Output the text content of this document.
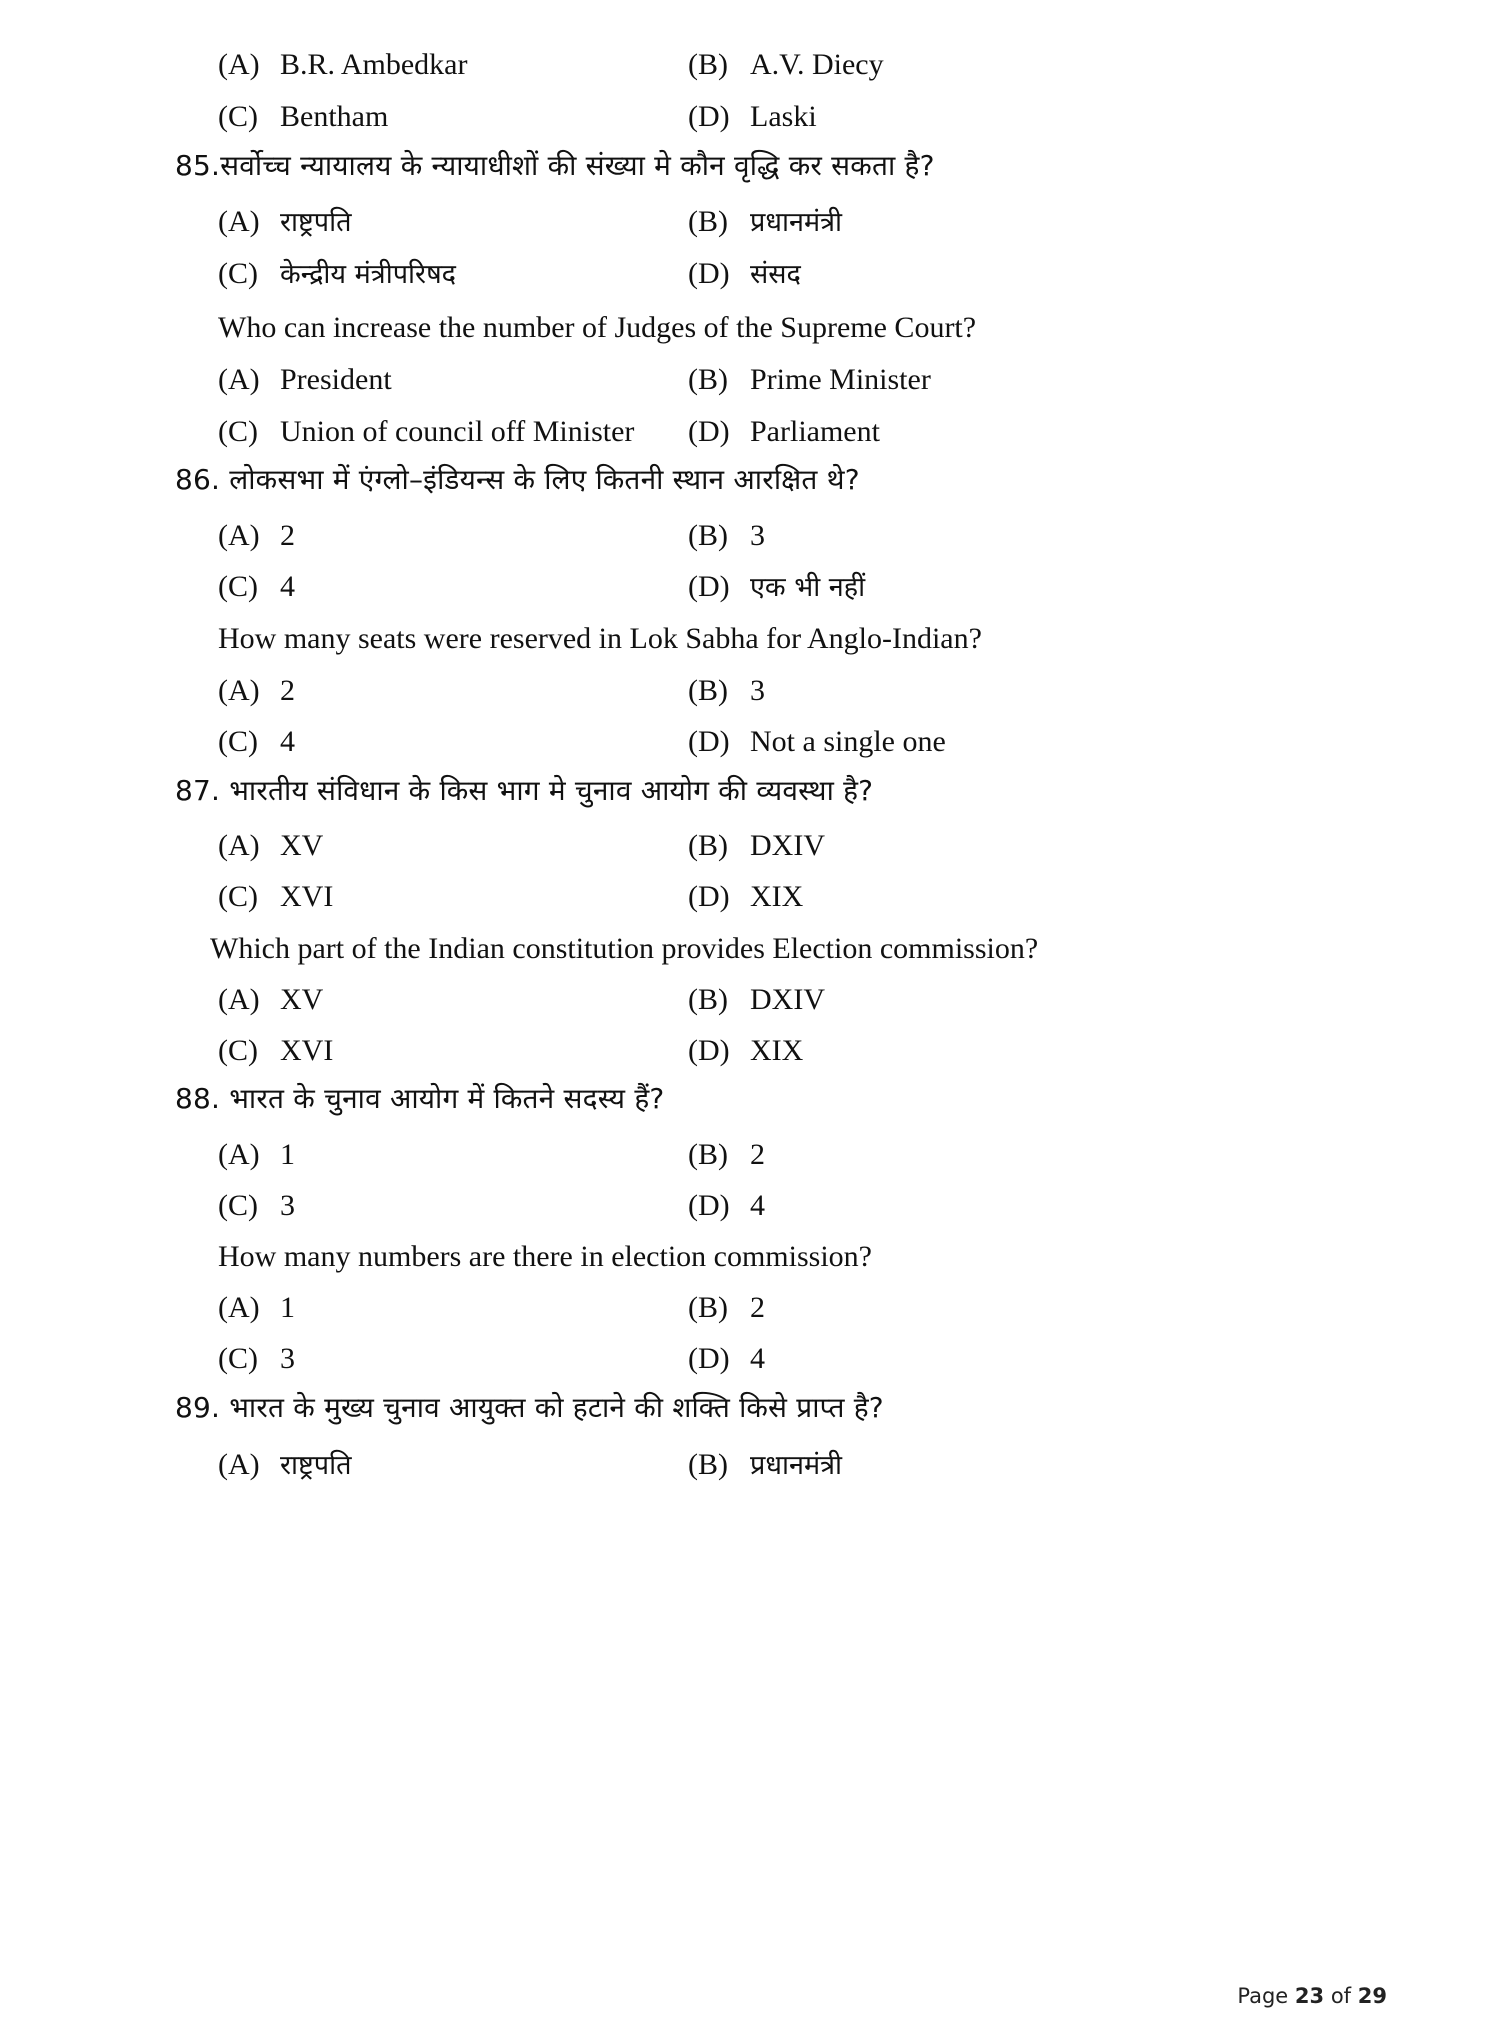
(A) B.R. Ambedkar	(B) A.V. Diecy
(C) Bentham	(D) Laski
85.सर्वोच्च न्यायालय के न्यायाधीशों की संख्या मे कौन वृद्धि कर सकता है?
(A) राष्ट्रपति	(B) प्रधानमंत्री
(C) केन्द्रीय मंत्रीपरिषद	(D) संसद
Who can increase the number of Judges of the Supreme Court?
(A) President	(B) Prime Minister
(C) Union of council off Minister (D) Parliament
86. लोकसभा में एंग्लो–इंडियन्स के लिए कितनी स्थान आरक्षित थे?
(A) 2	(B) 3
(C) 4	(D) एक भी नहीं
How many seats were reserved in Lok Sabha for Anglo-Indian?
(A) 2	(B) 3
(C) 4	(D) Not a single one
87. भारतीय संविधान के किस भाग मे चुनाव आयोग की व्यवस्था है?
(A) XV	(B) DXIV
(C) XVI	(D) XIX
Which part of the Indian constitution provides Election commission?
(A) XV	(B) DXIV
(C) XVI	(D) XIX
88. भारत के चुनाव आयोग में कितने सदस्य हैं?
(A) 1	(B) 2
(C) 3	(D) 4
How many numbers are there in election commission?
(A) 1	(B) 2
(C) 3	(D) 4
89. भारत के मुख्य चुनाव आयुक्त को हटाने की शक्ति किसे प्राप्त है?
(A) राष्ट्रपति	(B) प्रधानमंत्री
Page 23 of 29
